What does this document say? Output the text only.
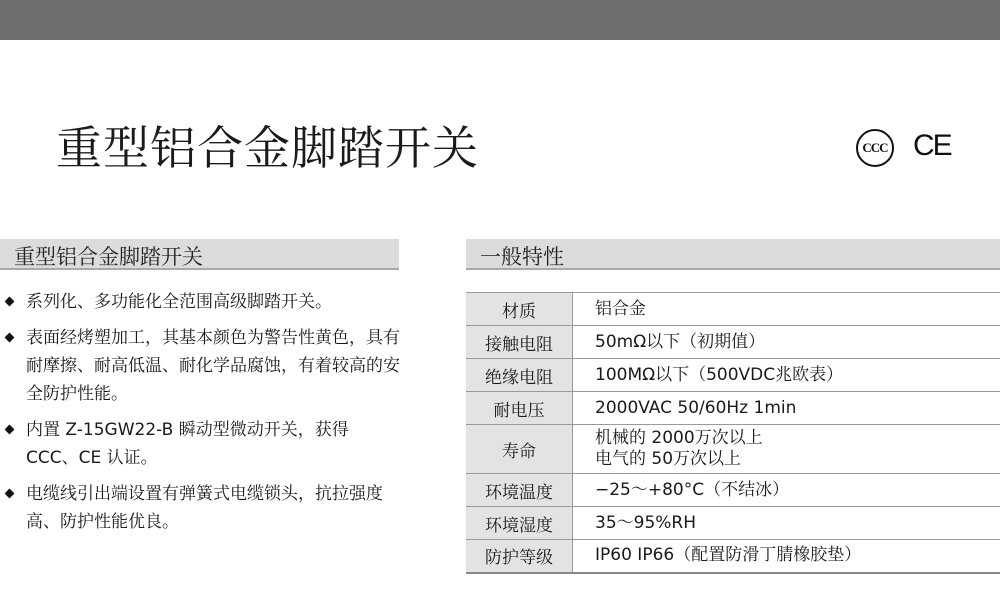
重型铝合金脚踏开关	CCC CE
重型铝合金脚踏开关
系列化、多功能化全范围高级脚踏开关。
表面经烤塑加工，其基本颜色为警告性黄色，具有耐摩擦、耐高低温、耐化学品腐蚀，有着较高的安全防护性能。
内置 Z-15GW22-B 瞬动型微动开关，获得CCC、CE 认证。
电缆线引出端设置有弹簧式电缆锁头，抗拉强度高、防护性能优良。
一般特性
材质	铝合金
接触电阻	50mΩ以下（初期值）
绝缘电阻	100MΩ以下（500VDC兆欧表）
耐电压	2000VAC 50/60Hz 1min
寿命	机械的 2000万次以上
电气的 50万次以上

环境温度	−25～+80°C（不结冰）
环境湿度	35～95%RH
防护等级	IP60 IP66（配置防滑丁腈橡胶垫）
